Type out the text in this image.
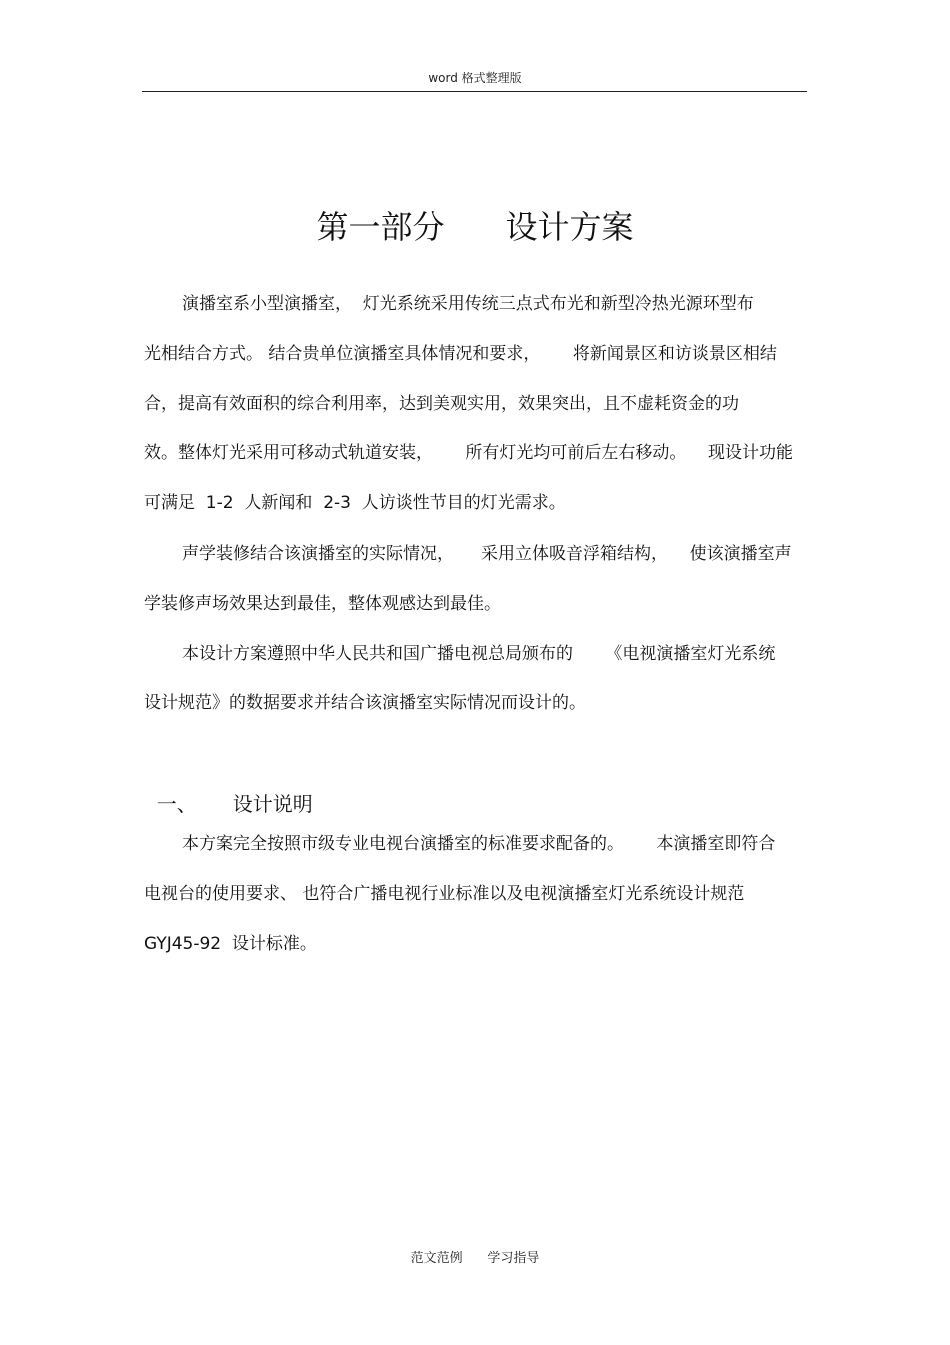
word 格式整理版
第一部分      设计方案
演播室系小型演播室，  灯光系统采用传统三点式布光和新型冷热光源环型布
光相结合方式。 结合贵单位演播室具体情况和要求，      将新闻景区和访谈景区相结
合，提高有效面积的综合利用率，达到美观实用，效果突出，且不虚耗资金的功
效。整体灯光采用可移动式轨道安装，      所有灯光均可前后左右移动。    现设计功能
可满足  1-2  人新闻和  2-3  人访谈性节目的灯光需求。
声学装修结合该演播室的实际情况，     采用立体吸音浮箱结构，    使该演播室声
学装修声场效果达到最佳，整体观感达到最佳。
本设计方案遵照中华人民共和国广播电视总局颁布的      《电视演播室灯光系统
设计规范》的数据要求并结合该演播室实际情况而设计的。

一、 设计说明

本方案完全按照市级专业电视台演播室的标准要求配备的。      本演播室即符合
电视台的使用要求、 也符合广播电视行业标准以及电视演播室灯光系统设计规范
GYJ45-92  设计标准。
范文范例      学习指导
